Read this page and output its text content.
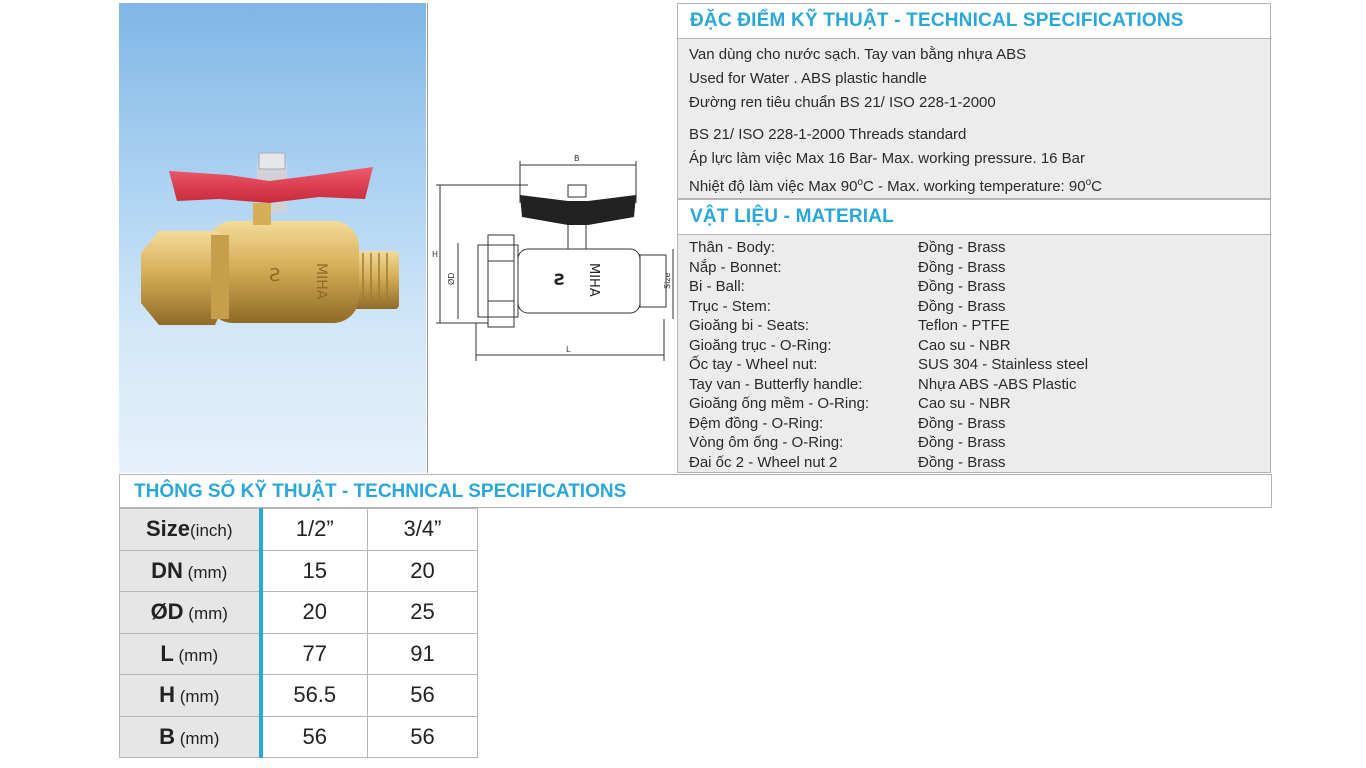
Ƨ MIHA
B
H
ØD	Size
L
MIHA
Ƨ
ĐẶC ĐIỂM KỸ THUẬT - TECHNICAL SPECIFICATIONS
Van dùng cho nước sạch. Tay van bằng nhựa ABS
Used for Water . ABS plastic handle
Đường ren tiêu chuẩn BS 21/ ISO 228-1-2000
BS 21/ ISO 228-1-2000 Threads standard
Áp lực làm việc Max 16 Bar- Max. working pressure. 16 Bar
Nhiệt độ làm việc Max 90$^o$C - Max. working temperature: 90$^o$C
VẬT LIỆU - MATERIAL
Thân - Body:	Đồng - Brass
Nắp - Bonnet:	Đồng - Brass
Bi - Ball:	Đồng - Brass
Trục - Stem:	Đồng - Brass
Gioăng bi - Seats:	Teflon - PTFE
Gioăng trục - O-Ring:	Cao su - NBR
Ốc tay - Wheel nut:	SUS 304 - Stainless steel
Tay van - Butterfly handle:	Nhựa ABS -ABS Plastic
Gioăng ống mềm - O-Ring:	Cao su - NBR
Đệm đồng - O-Ring:	Đồng - Brass
Vòng ôm ống - O-Ring:	Đồng - Brass
Đai ốc 2 - Wheel nut 2	Đồng - Brass
THÔNG SỐ KỸ THUẬT - TECHNICAL SPECIFICATIONS
Size(inch)	1/2”	3/4”
DN (mm)	15	20
ØD (mm)	20	25
L (mm)	77	91
H (mm)	56.5	56
B (mm)	56	56
